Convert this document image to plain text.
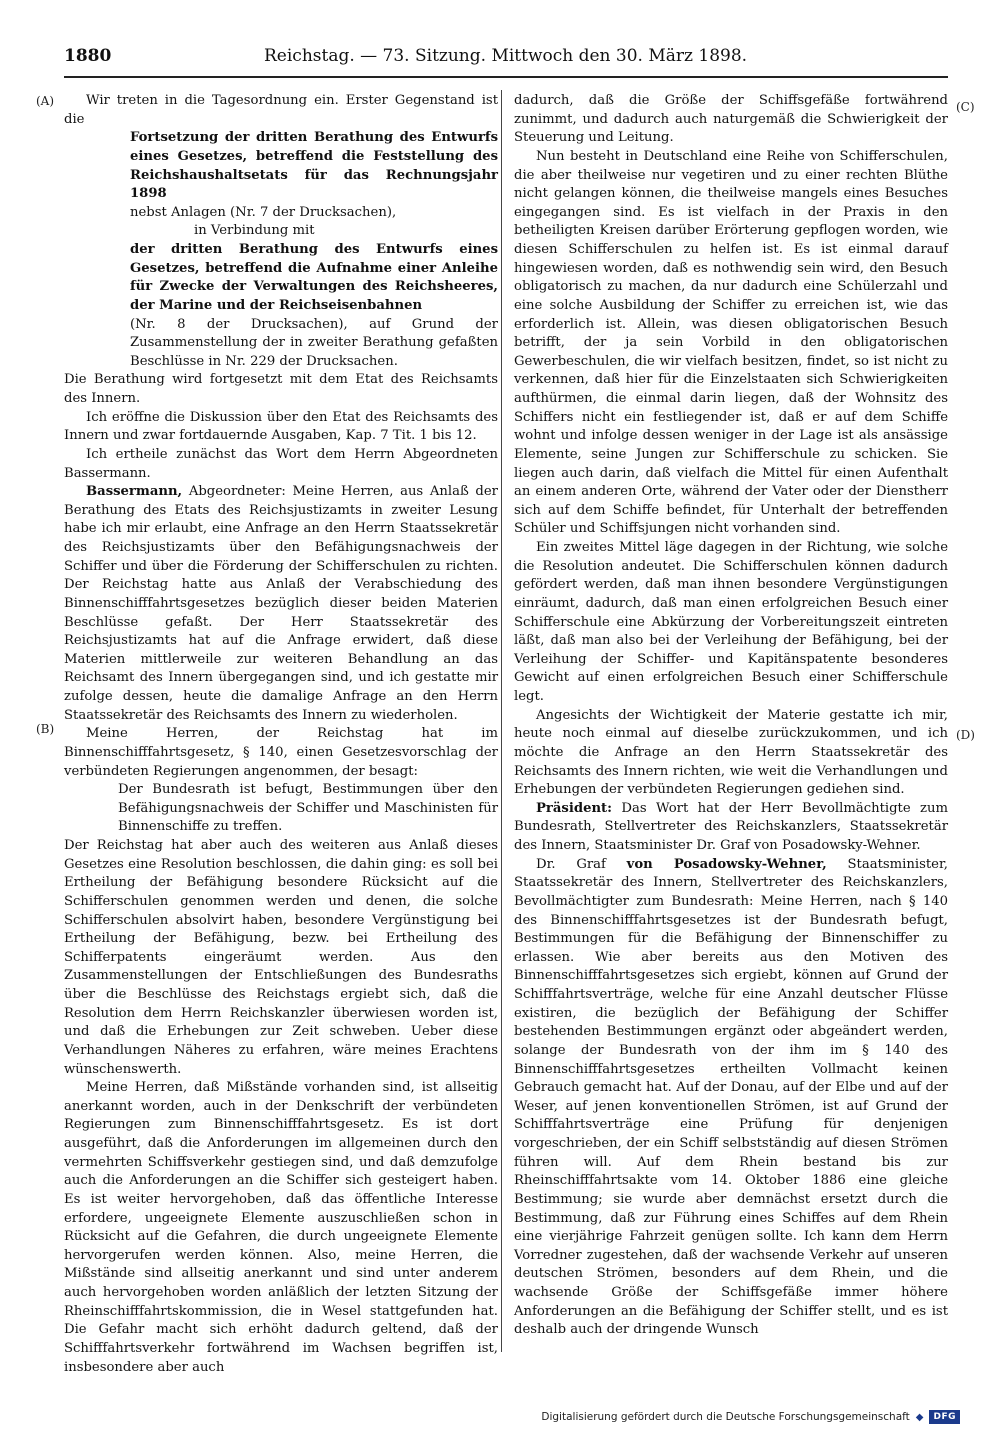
1880	Reichstag. — 73. Sitzung. Mittwoch den 30. März 1898.
(A)
(B)
(C)
(D)

Wir treten in die Tagesordnung ein. Erster Gegenstand ist die

Fortsetzung der dritten Berathung des Entwurfs eines Gesetzes, betreffend die Feststellung des Reichshaushaltsetats für das Rechnungsjahr 1898

nebst Anlagen (Nr. 7 der Drucksachen),

in Verbindung mit

der dritten Berathung des Entwurfs eines Gesetzes, betreffend die Aufnahme einer Anleihe für Zwecke der Verwaltungen des Reichsheeres, der Marine und der Reichseisenbahnen

(Nr. 8 der Drucksachen), auf Grund der Zusammenstellung der in zweiter Berathung gefaßten Beschlüsse in Nr. 229 der Drucksachen.

Die Berathung wird fortgesetzt mit dem Etat des Reichsamts des Innern.

Ich eröffne die Diskussion über den Etat des Reichsamts des Innern und zwar fortdauernde Ausgaben, Kap. 7 Tit. 1 bis 12.

Ich ertheile zunächst das Wort dem Herrn Abgeordneten Bassermann.

Bassermann, Abgeordneter: Meine Herren, aus Anlaß der Berathung des Etats des Reichsjustizamts in zweiter Lesung habe ich mir erlaubt, eine Anfrage an den Herrn Staatssekretär des Reichsjustizamts über den Befähigungsnachweis der Schiffer und über die Förderung der Schifferschulen zu richten. Der Reichstag hatte aus Anlaß der Verabschiedung des Binnenschifffahrtsgesetzes bezüglich dieser beiden Materien Beschlüsse gefaßt. Der Herr Staatssekretär des Reichsjustizamts hat auf die Anfrage erwidert, daß diese Materien mittlerweile zur weiteren Behandlung an das Reichsamt des Innern übergegangen sind, und ich gestatte mir zufolge dessen, heute die damalige Anfrage an den Herrn Staatssekretär des Reichsamts des Innern zu wiederholen.

Meine Herren, der Reichstag hat im Binnenschifffahrtsgesetz, § 140, einen Gesetzesvorschlag der verbündeten Regierungen angenommen, der besagt:

Der Bundesrath ist befugt, Bestimmungen über den Befähigungsnachweis der Schiffer und Maschinisten für Binnenschiffe zu treffen.

Der Reichstag hat aber auch des weiteren aus Anlaß dieses Gesetzes eine Resolution beschlossen, die dahin ging: es soll bei Ertheilung der Befähigung besondere Rücksicht auf die Schifferschulen genommen werden und denen, die solche Schifferschulen absolvirt haben, besondere Vergünstigung bei Ertheilung der Befähigung, bezw. bei Ertheilung des Schifferpatents eingeräumt werden. Aus den Zusammenstellungen der Entschließungen des Bundesraths über die Beschlüsse des Reichstags ergiebt sich, daß die Resolution dem Herrn Reichskanzler überwiesen worden ist, und daß die Erhebungen zur Zeit schweben. Ueber diese Verhandlungen Näheres zu erfahren, wäre meines Erachtens wünschenswerth.

Meine Herren, daß Mißstände vorhanden sind, ist allseitig anerkannt worden, auch in der Denkschrift der verbündeten Regierungen zum Binnenschifffahrtsgesetz. Es ist dort ausgeführt, daß die Anforderungen im allgemeinen durch den vermehrten Schiffsverkehr gestiegen sind, und daß demzufolge auch die Anforderungen an die Schiffer sich gesteigert haben. Es ist weiter hervorgehoben, daß das öffentliche Interesse erfordere, ungeeignete Elemente auszuschließen schon in Rücksicht auf die Gefahren, die durch ungeeignete Elemente hervorgerufen werden können. Also, meine Herren, die Mißstände sind allseitig anerkannt und sind unter anderem auch hervorgehoben worden anläßlich der letzten Sitzung der Rheinschifffahrtskommission, die in Wesel stattgefunden hat. Die Gefahr macht sich erhöht dadurch geltend, daß der Schifffahrtsverkehr fortwährend im Wachsen begriffen ist, insbesondere aber auch

dadurch, daß die Größe der Schiffsgefäße fortwährend zunimmt, und dadurch auch naturgemäß die Schwierigkeit der Steuerung und Leitung.

Nun besteht in Deutschland eine Reihe von Schifferschulen, die aber theilweise nur vegetiren und zu einer rechten Blüthe nicht gelangen können, die theilweise mangels eines Besuches eingegangen sind. Es ist vielfach in der Praxis in den betheiligten Kreisen darüber Erörterung gepflogen worden, wie diesen Schifferschulen zu helfen ist. Es ist einmal darauf hingewiesen worden, daß es nothwendig sein wird, den Besuch obligatorisch zu machen, da nur dadurch eine Schülerzahl und eine solche Ausbildung der Schiffer zu erreichen ist, wie das erforderlich ist. Allein, was diesen obligatorischen Besuch betrifft, der ja sein Vorbild in den obligatorischen Gewerbeschulen, die wir vielfach besitzen, findet, so ist nicht zu verkennen, daß hier für die Einzelstaaten sich Schwierigkeiten aufthürmen, die einmal darin liegen, daß der Wohnsitz des Schiffers nicht ein festliegender ist, daß er auf dem Schiffe wohnt und infolge dessen weniger in der Lage ist als ansässige Elemente, seine Jungen zur Schifferschule zu schicken. Sie liegen auch darin, daß vielfach die Mittel für einen Aufenthalt an einem anderen Orte, während der Vater oder der Dienstherr sich auf dem Schiffe befindet, für Unterhalt der betreffenden Schüler und Schiffsjungen nicht vorhanden sind.

Ein zweites Mittel läge dagegen in der Richtung, wie solche die Resolution andeutet. Die Schifferschulen können dadurch gefördert werden, daß man ihnen besondere Vergünstigungen einräumt, dadurch, daß man einen erfolgreichen Besuch einer Schifferschule eine Abkürzung der Vorbereitungszeit eintreten läßt, daß man also bei der Verleihung der Befähigung, bei der Verleihung der Schiffer- und Kapitänspatente besonderes Gewicht auf einen erfolgreichen Besuch einer Schifferschule legt.

Angesichts der Wichtigkeit der Materie gestatte ich mir, heute noch einmal auf dieselbe zurückzukommen, und ich möchte die Anfrage an den Herrn Staatssekretär des Reichsamts des Innern richten, wie weit die Verhandlungen und Erhebungen der verbündeten Regierungen gediehen sind.

Präsident: Das Wort hat der Herr Bevollmächtigte zum Bundesrath, Stellvertreter des Reichskanzlers, Staatssekretär des Innern, Staatsminister Dr. Graf von Posadowsky-Wehner.

Dr. Graf von Posadowsky-Wehner, Staatsminister, Staatssekretär des Innern, Stellvertreter des Reichskanzlers, Bevollmächtigter zum Bundesrath: Meine Herren, nach § 140 des Binnenschifffahrtsgesetzes ist der Bundesrath befugt, Bestimmungen für die Befähigung der Binnenschiffer zu erlassen. Wie aber bereits aus den Motiven des Binnenschifffahrtsgesetzes sich ergiebt, können auf Grund der Schifffahrtsverträge, welche für eine Anzahl deutscher Flüsse existiren, die bezüglich der Befähigung der Schiffer bestehenden Bestimmungen ergänzt oder abgeändert werden, solange der Bundesrath von der ihm im § 140 des Binnenschifffahrtsgesetzes ertheilten Vollmacht keinen Gebrauch gemacht hat. Auf der Donau, auf der Elbe und auf der Weser, auf jenen konventionellen Strömen, ist auf Grund der Schifffahrtsverträge eine Prüfung für denjenigen vorgeschrieben, der ein Schiff selbstständig auf diesen Strömen führen will. Auf dem Rhein bestand bis zur Rheinschifffahrtsakte vom 14. Oktober 1886 eine gleiche Bestimmung; sie wurde aber demnächst ersetzt durch die Bestimmung, daß zur Führung eines Schiffes auf dem Rhein eine vierjährige Fahrzeit genügen sollte. Ich kann dem Herrn Vorredner zugestehen, daß der wachsende Verkehr auf unseren deutschen Strömen, besonders auf dem Rhein, und die wachsende Größe der Schiffsgefäße immer höhere Anforderungen an die Befähigung der Schiffer stellt, und es ist deshalb auch der dringende Wunsch

Digitalisierung gefördert durch die Deutsche Forschungsgemeinschaft ◆	DFG
